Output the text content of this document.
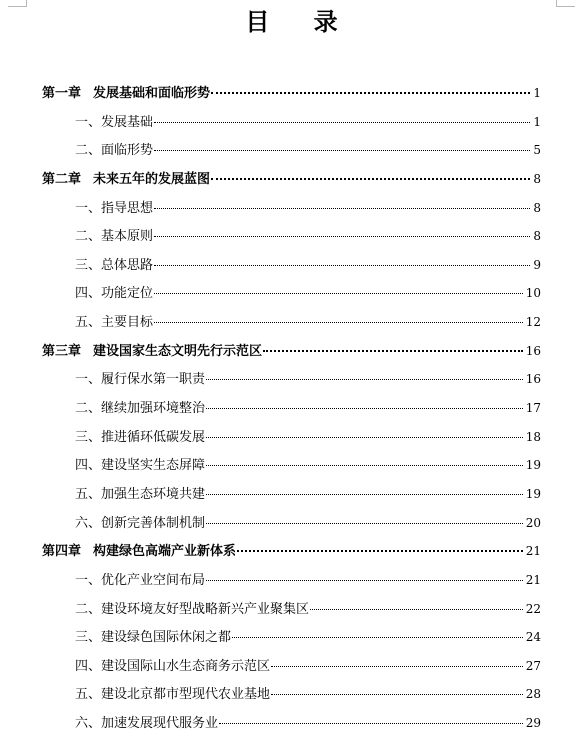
目 录
第一章 发展基础和面临形势	1
一、发展基础	1
二、面临形势	5
第二章 未来五年的发展蓝图	8
一、指导思想	8
二、基本原则	8
三、总体思路	9
四、功能定位	10
五、主要目标	12
第三章 建设国家生态文明先行示范区	16
一、履行保水第一职责	16
二、继续加强环境整治	17
三、推进循环低碳发展	18
四、建设坚实生态屏障	19
五、加强生态环境共建	19
六、创新完善体制机制	20
第四章 构建绿色高端产业新体系	21
一、优化产业空间布局	21
二、建设环境友好型战略新兴产业聚集区	22
三、建设绿色国际休闲之都	24
四、建设国际山水生态商务示范区	27
五、建设北京都市型现代农业基地	28
六、加速发展现代服务业	29
